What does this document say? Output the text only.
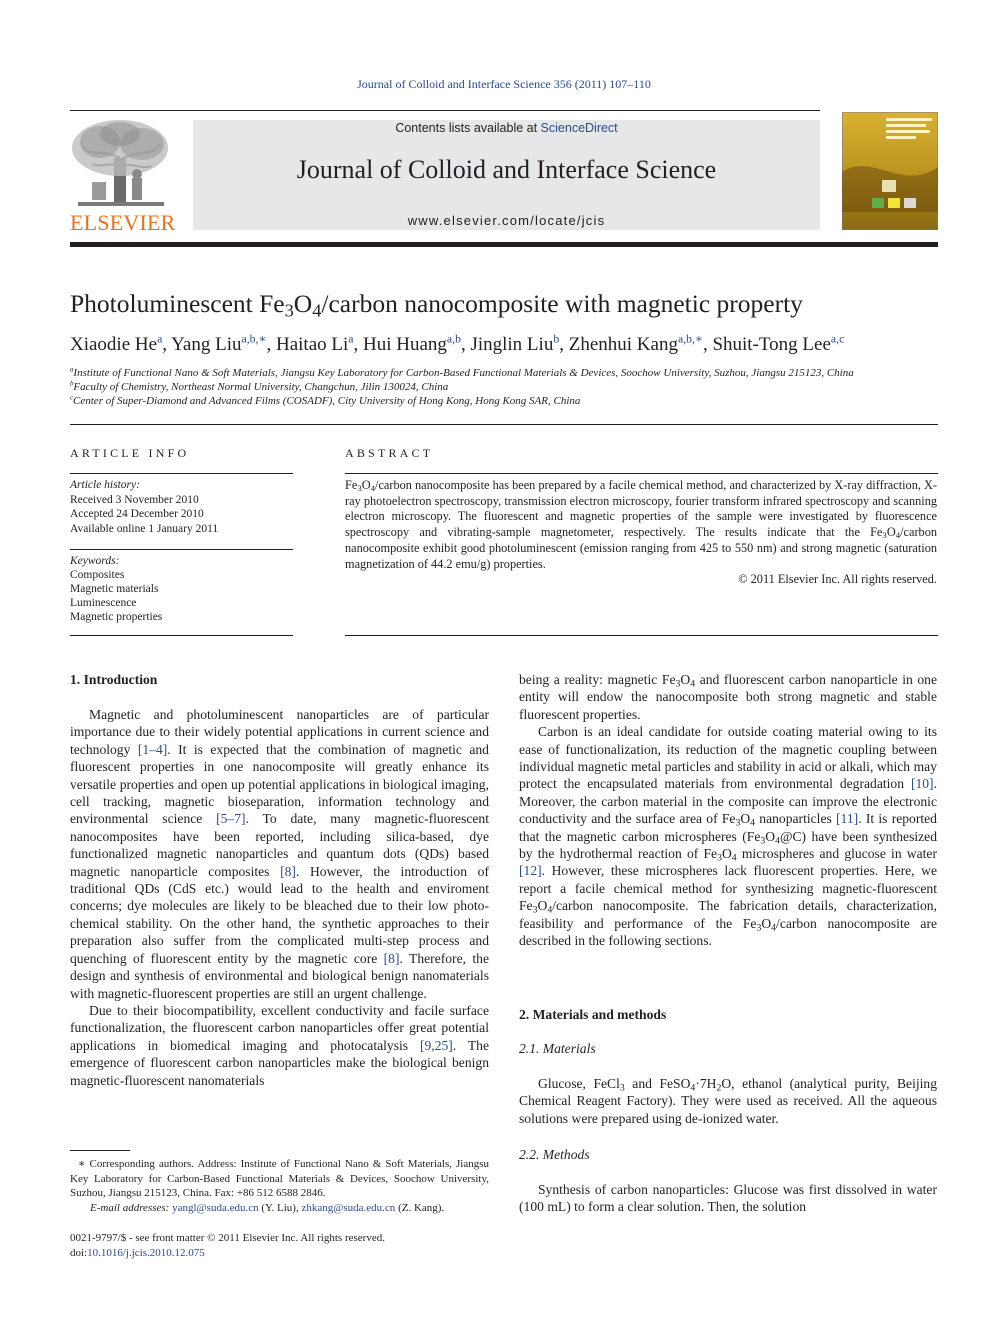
Journal of Colloid and Interface Science 356 (2011) 107–110
ELSEVIER
Contents lists available at ScienceDirect
Journal of Colloid and Interface Science
www.elsevier.com/locate/jcis
Photoluminescent $Fe_3O_4$/carbon nanocomposite with magnetic property
Xiaodie He$^a$, Yang Liu$^{a,b,∗}$, Haitao Li$^a$, Hui Huang$^{a,b}$, Jinglin Liu$^b$, Zhenhui Kang$^{a,b,∗}$, Shuit-Tong Lee$^{a,c}$
$^a$Institute of Functional Nano & Soft Materials, Jiangsu Key Laboratory for Carbon-Based Functional Materials & Devices, Soochow University, Suzhou, Jiangsu 215123, China
$^b$Faculty of Chemistry, Northeast Normal University, Changchun, Jilin 130024, China
$^c$Center of Super-Diamond and Advanced Films (COSADF), City University of Hong Kong, Hong Kong SAR, China
ARTICLE INFO
Article history:
Received 3 November 2010
Accepted 24 December 2010
Available online 1 January 2011
Keywords:
Composites
Magnetic materials
Luminescence
Magnetic properties
ABSTRACT
$Fe_3O_4$/carbon nanocomposite has been prepared by a facile chemical method, and characterized by X-ray diffraction, X-ray photoelectron spectroscopy, transmission electron microscopy, fourier transform infrared spectroscopy and scanning electron microscopy. The fluorescent and magnetic properties of the sample were investigated by fluorescence spectroscopy and vibrating-sample magnetometer, respectively. The results indicate that the $Fe_3O_4$/carbon nanocomposite exhibit good photoluminescent (emission ranging from 425 to 550 nm) and strong magnetic (saturation magnetization of 44.2 emu/g) properties.
© 2011 Elsevier Inc. All rights reserved.
1. Introduction

Magnetic and photoluminescent nanoparticles are of particular importance due to their widely potential applications in current science and technology [1–4]. It is expected that the combination of magnetic and fluorescent properties in one nanocomposite will greatly enhance its versatile properties and open up potential applications in biological imaging, cell tracking, magnetic bioseparation, information technology and environmental science [5–7]. To date, many magnetic-fluorescent nanocomposites have been reported, including silica-based, dye functionalized magnetic nanoparticles and quantum dots (QDs) based magnetic nanoparticle composites [8]. However, the introduction of traditional QDs (CdS etc.) would lead to the health and enviroment concerns; dye molecules are likely to be bleached due to their low photochemical stability. On the other hand, the synthetic approaches to their preparation also suffer from the complicated multi-step process and quenching of fluorescent entity by the magnetic core [8]. Therefore, the design and synthesis of environmental and biological benign nanomaterials with magnetic-fluorescent properties are still an urgent challenge.

Due to their biocompatibility, excellent conductivity and facile surface functionalization, the fluorescent carbon nanoparticles offer great potential applications in biomedical imaging and photocatalysis [9,25]. The emergence of fluorescent carbon nanoparticles make the biological benign magnetic-fluorescent nanomaterials

∗ Corresponding authors. Address: Institute of Functional Nano & Soft Materials, Jiangsu Key Laboratory for Carbon-Based Functional Materials & Devices, Soochow University, Suzhou, Jiangsu 215123, China. Fax: +86 512 6588 2846.
E-mail addresses: yangl@suda.edu.cn (Y. Liu), zhkang@suda.edu.cn (Z. Kang).
0021-9797/$ - see front matter © 2011 Elsevier Inc. All rights reserved.
doi:10.1016/j.jcis.2010.12.075

being a reality: magnetic $Fe_3O_4$ and fluorescent carbon nanoparticle in one entity will endow the nanocomposite both strong magnetic and stable fluorescent properties.

Carbon is an ideal candidate for outside coating material owing to its ease of functionalization, its reduction of the magnetic coupling between individual magnetic metal particles and stability in acid or alkali, which may protect the encapsulated materials from environmental degradation [10]. Moreover, the carbon material in the composite can improve the electronic conductivity and the surface area of $Fe_3O_4$ nanoparticles [11]. It is reported that the magnetic carbon microspheres $(Fe_3O_4@C)$ have been synthesized by the hydrothermal reaction of $Fe_3O_4$ microspheres and glucose in water [12]. However, these microspheres lack fluorescent properties. Here, we report a facile chemical method for synthesizing magnetic-fluorescent $Fe_3O_4$/carbon nanocomposite. The fabrication details, characterization, feasibility and performance of the $Fe_3O_4$/carbon nanocomposite are described in the following sections.

2. Materials and methods
2.1. Materials

Glucose, FeCl$_3$ and $FeSO_4\cdot 7H_2O$, ethanol (analytical purity, Beijing Chemical Reagent Factory). They were used as received. All the aqueous solutions were prepared using de-ionized water.

2.2. Methods

Synthesis of carbon nanoparticles: Glucose was first dissolved in water (100 mL) to form a clear solution. Then, the solution
